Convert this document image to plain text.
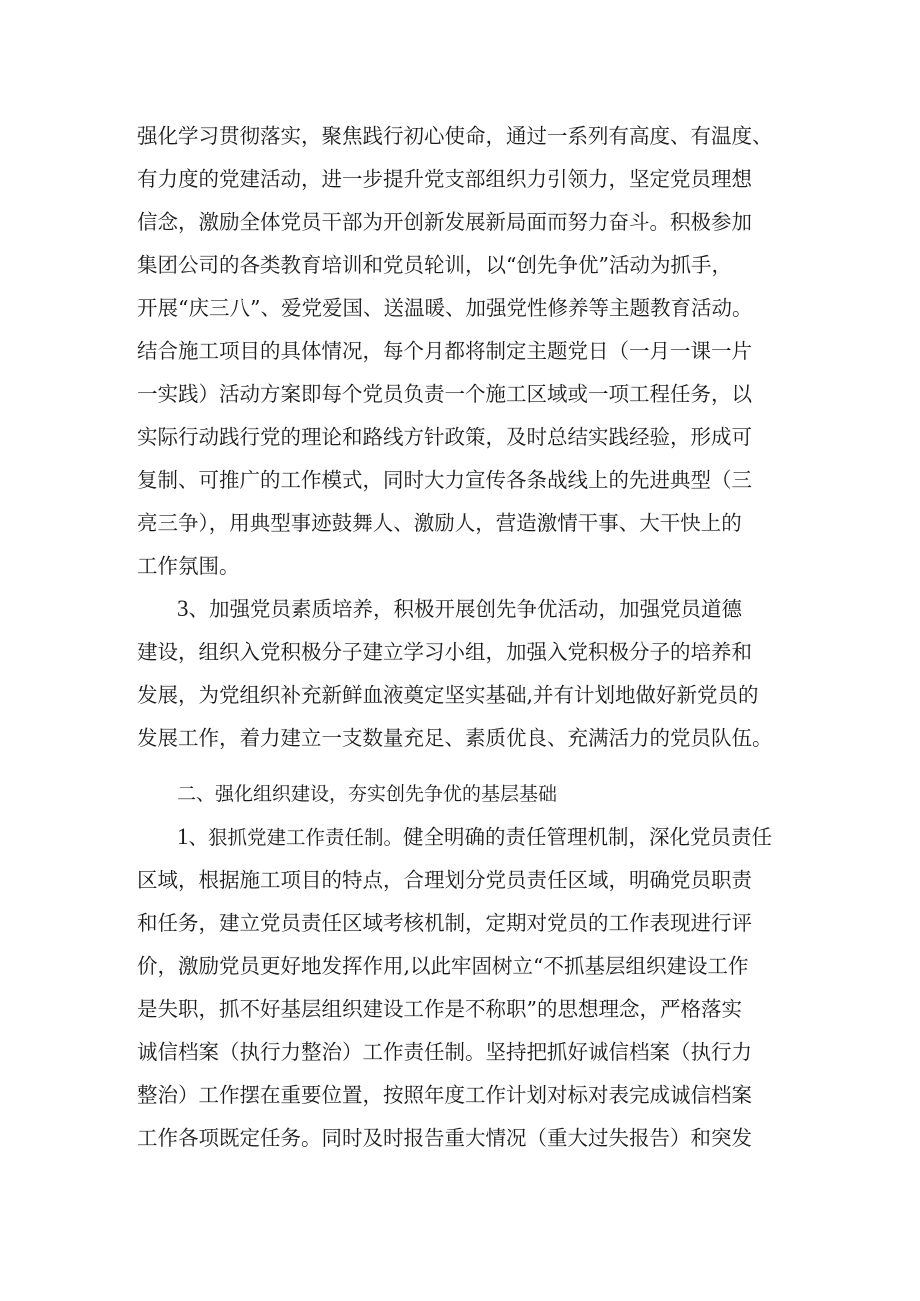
强化学习贯彻落实，聚焦践行初心使命，通过一系列有高度、有温度、
有力度的党建活动，进一步提升党支部组织力引领力，坚定党员理想
信念，激励全体党员干部为开创新发展新局面而努力奋斗。积极参加
集团公司的各类教育培训和党员轮训，以“创先争优”活动为抓手，
开展“庆三八”、爱党爱国、送温暖、加强党性修养等主题教育活动。
结合施工项目的具体情况，每个月都将制定主题党日（一月一课一片
一实践）活动方案即每个党员负责一个施工区域或一项工程任务，以
实际行动践行党的理论和路线方针政策，及时总结实践经验，形成可
复制、可推广的工作模式，同时大力宣传各条战线上的先进典型（三
亮三争），用典型事迹鼓舞人、激励人，营造激情干事、大干快上的
工作氛围。
3、加强党员素质培养，积极开展创先争优活动，加强党员道德
建设，组织入党积极分子建立学习小组，加强入党积极分子的培养和
发展，为党组织补充新鲜血液奠定坚实基础,并有计划地做好新党员的
发展工作，着力建立一支数量充足、素质优良、充满活力的党员队伍。
二、强化组织建设，夯实创先争优的基层基础
1、狠抓党建工作责任制。健全明确的责任管理机制，深化党员责任
区域，根据施工项目的特点，合理划分党员责任区域，明确党员职责
和任务，建立党员责任区域考核机制，定期对党员的工作表现进行评
价，激励党员更好地发挥作用,以此牢固树立“不抓基层组织建设工作
是失职，抓不好基层组织建设工作是不称职”的思想理念，严格落实
诚信档案（执行力整治）工作责任制。坚持把抓好诚信档案（执行力
整治）工作摆在重要位置，按照年度工作计划对标对表完成诚信档案
工作各项既定任务。同时及时报告重大情况（重大过失报告）和突发
